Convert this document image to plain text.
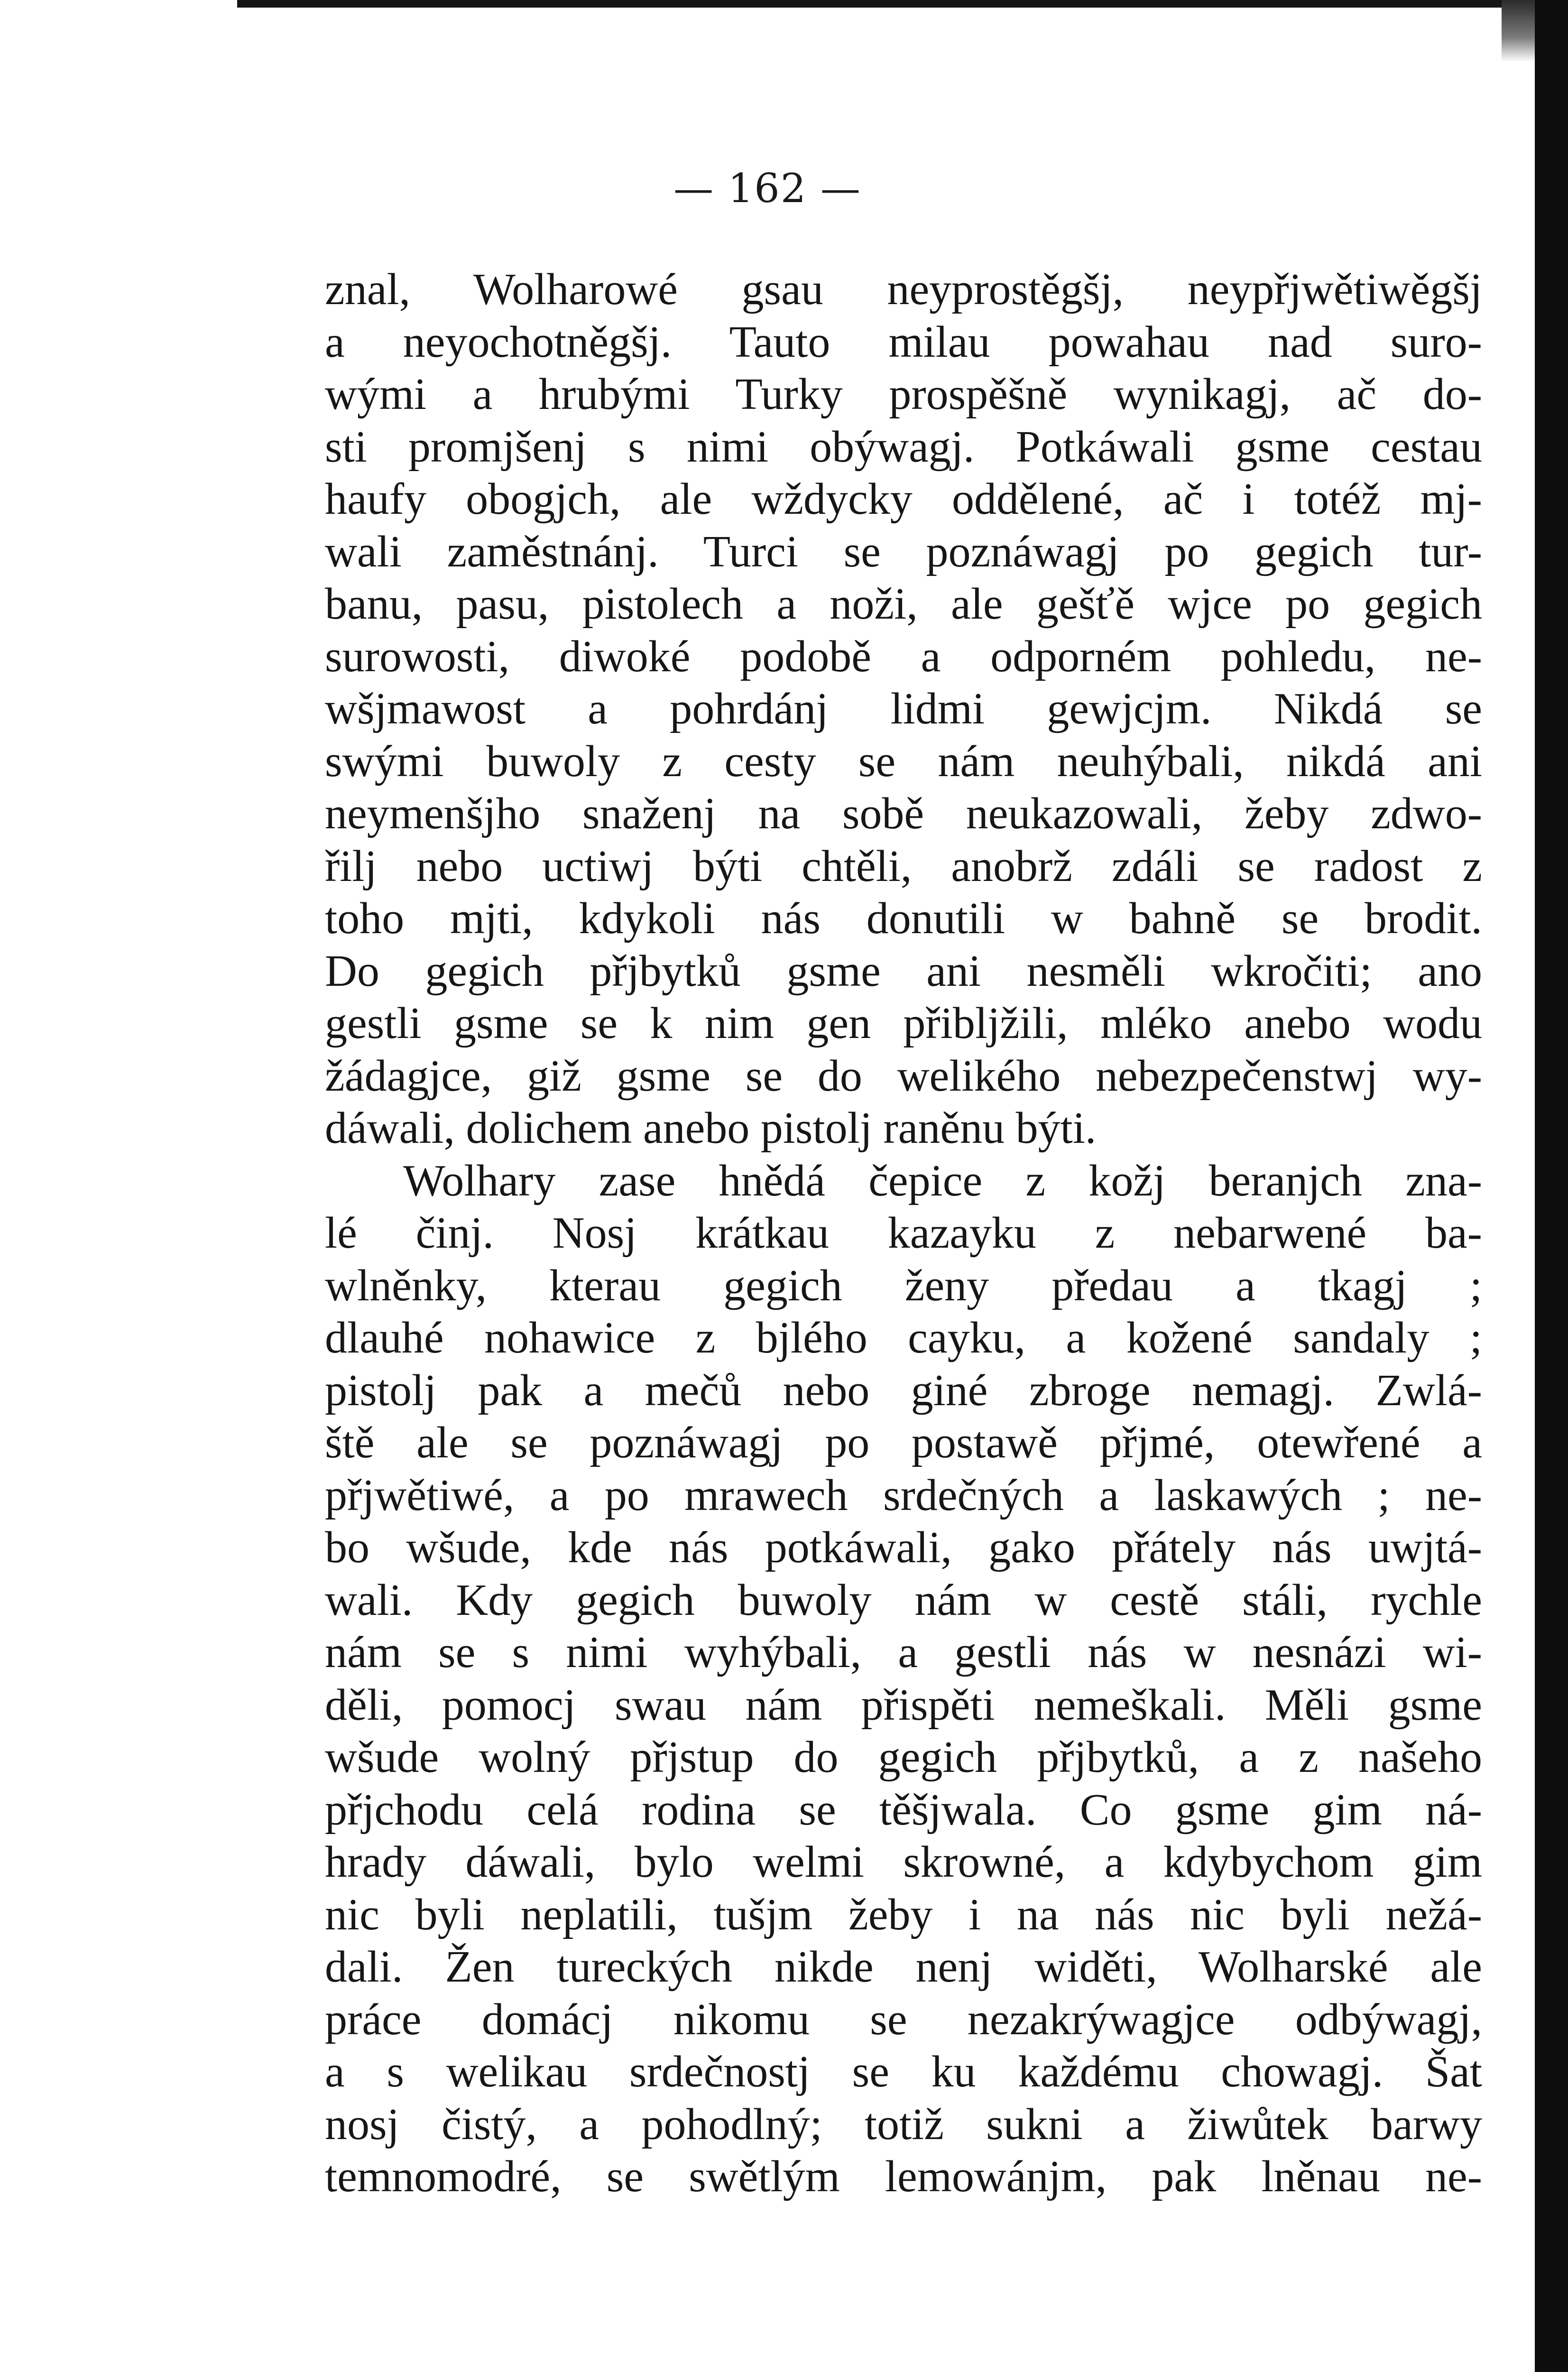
— 162 —
znal, Wolharowé gsau neyprostěgšj, neypřjwětiwěgšj
a neyochotněgšj. Tauto milau powahau nad suro-
wými a hrubými Turky prospěšně wynikagj, ač do-
sti promjšenj s nimi obýwagj. Potkáwali gsme cestau
haufy obogjch, ale wždycky oddělené, ač i totéž mj-
wali zaměstnánj. Turci se poznáwagj po gegich tur-
banu, pasu, pistolech a noži, ale gešťě wjce po gegich
surowosti, diwoké podobě a odporném pohledu, ne-
wšjmawost a pohrdánj lidmi gewjcjm. Nikdá se
swými buwoly z cesty se nám neuhýbali, nikdá ani
neymenšjho snaženj na sobě neukazowali, žeby zdwo-
řilj nebo uctiwj býti chtěli, anobrž zdáli se radost z
toho mjti, kdykoli nás donutili w bahně se brodit.
Do gegich přjbytků gsme ani nesměli wkročiti; ano
gestli gsme se k nim gen přibljžili, mléko anebo wodu
žádagjce, giž gsme se do welikého nebezpečenstwj wy-
dáwali, dolichem anebo pistolj raněnu býti.
Wolhary zase hnědá čepice z kožj beranjch zna-
lé činj. Nosj krátkau kazayku z nebarwené ba-
wlněnky, kterau gegich ženy předau a tkagj ;
dlauhé nohawice z bjlého cayku, a kožené sandaly ;
pistolj pak a mečů nebo giné zbroge nemagj. Zwlá-
ště ale se poznáwagj po postawě přjmé, otewřené a
přjwětiwé, a po mrawech srdečných a laskawých ; ne-
bo wšude, kde nás potkáwali, gako přátely nás uwjtá-
wali. Kdy gegich buwoly nám w cestě stáli, rychle
nám se s nimi wyhýbali, a gestli nás w nesnázi wi-
děli, pomocj swau nám přispěti nemeškali. Měli gsme
wšude wolný přjstup do gegich přjbytků, a z našeho
přjchodu celá rodina se těšjwala. Co gsme gim ná-
hrady dáwali, bylo welmi skrowné, a kdybychom gim
nic byli neplatili, tušjm žeby i na nás nic byli nežá-
dali. Žen tureckých nikde nenj widěti, Wolharské ale
práce domácj nikomu se nezakrýwagjce odbýwagj,
a s welikau srdečnostj se ku každému chowagj. Šat
nosj čistý, a pohodlný; totiž sukni a žiwůtek barwy
temnomodré, se swětlým lemowánjm, pak lněnau ne-
